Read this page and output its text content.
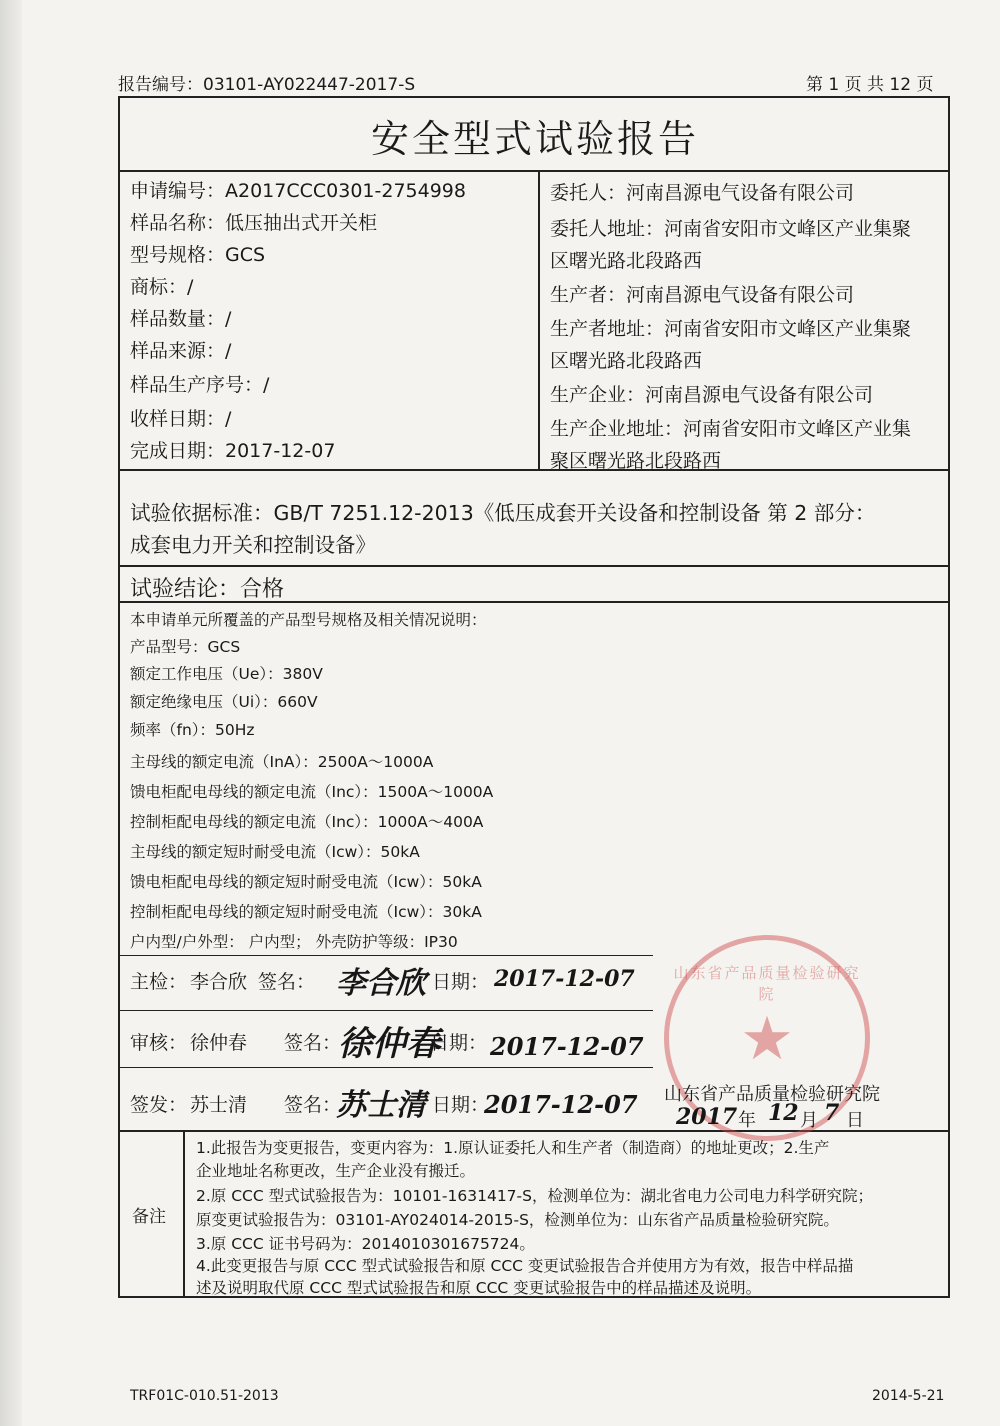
报告编号：03101-AY022447-2017-S	第 1 页 共 12 页
安全型式试验报告
申请编号：A2017CCC0301-2754998
样品名称：低压抽出式开关柜
型号规格：GCS
商标：/
样品数量：/
样品来源：/
样品生产序号：/
收样日期：/
完成日期：2017-12-07
委托人：河南昌源电气设备有限公司
委托人地址：河南省安阳市文峰区产业集聚
区曙光路北段路西
生产者：河南昌源电气设备有限公司
生产者地址：河南省安阳市文峰区产业集聚
区曙光路北段路西
生产企业：河南昌源电气设备有限公司
生产企业地址：河南省安阳市文峰区产业集
聚区曙光路北段路西
试验依据标准：GB/T 7251.12-2013《低压成套开关设备和控制设备 第 2 部分：
成套电力开关和控制设备》
试验结论：合格
本申请单元所覆盖的产品型号规格及相关情况说明：
产品型号：GCS
额定工作电压（Ue）：380V
额定绝缘电压（Ui）：660V
频率（fn）：50Hz
主母线的额定电流（InA）：2500A～1000A
馈电柜配电母线的额定电流（Inc）：1500A～1000A
控制柜配电母线的额定电流（Inc）：1000A～400A
主母线的额定短时耐受电流（Icw）：50kA
馈电柜配电母线的额定短时耐受电流（Icw）：50kA
控制柜配电母线的额定短时耐受电流（Icw）：30kA
户内型/户外型： 户内型； 外壳防护等级：IP30
山东省产品质量检验研究院
★
主检： 李合欣 签名： 李合欣 日期： 2017-12-07
审核： 徐仲春 签名：
徐仲春
日期： 2017-12-07
签发： 苏士清 签名：
苏士清 日期：
2017-12-07 山东省产品质量检验研究院
2017 年 12 月 7 日
备注
1.此报告为变更报告，变更内容为：1.原认证委托人和生产者（制造商）的地址更改；2.生产
企业地址名称更改，生产企业没有搬迁。
2.原 CCC 型式试验报告为：10101-1631417-S，检测单位为：湖北省电力公司电力科学研究院；
原变更试验报告为：03101-AY024014-2015-S，检测单位为：山东省产品质量检验研究院。
3.原 CCC 证书号码为：2014010301675724。
4.此变更报告与原 CCC 型式试验报告和原 CCC 变更试验报告合并使用方为有效，报告中样品描
述及说明取代原 CCC 型式试验报告和原 CCC 变更试验报告中的样品描述及说明。
TRF01C-010.51-2013	2014-5-21
